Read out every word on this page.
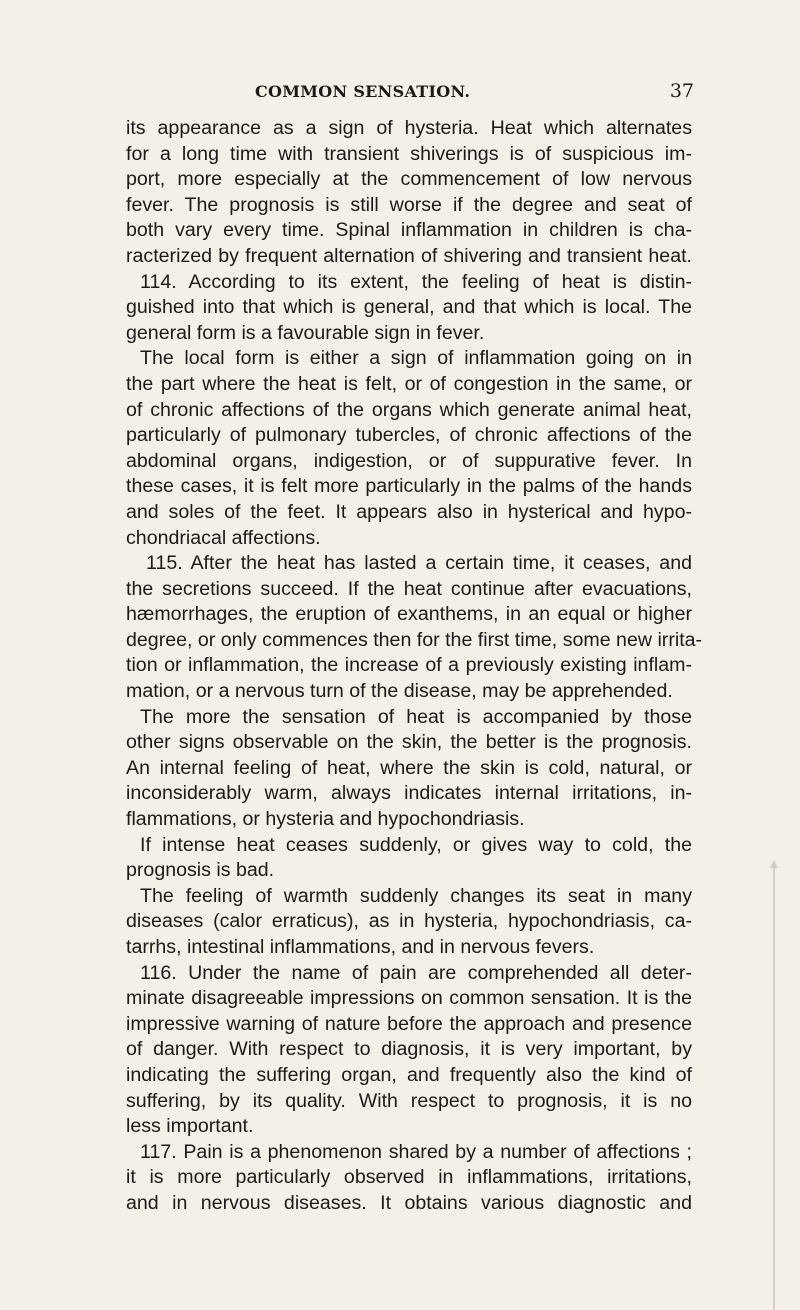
COMMON SENSATION.	37
its appearance as a sign of hysteria. Heat which alternates
for a long time with transient shiverings is of suspicious im-
port, more especially at the commencement of low nervous
fever. The prognosis is still worse if the degree and seat of
both vary every time. Spinal inflammation in children is cha-
racterized by frequent alternation of shivering and transient heat.
114. According to its extent, the feeling of heat is distin-
guished into that which is general, and that which is local. The
general form is a favourable sign in fever.
The local form is either a sign of inflammation going on in
the part where the heat is felt, or of congestion in the same, or
of chronic affections of the organs which generate animal heat,
particularly of pulmonary tubercles, of chronic affections of the
abdominal organs, indigestion, or of suppurative fever. In
these cases, it is felt more particularly in the palms of the hands
and soles of the feet. It appears also in hysterical and hypo-
chondriacal affections.
115. After the heat has lasted a certain time, it ceases, and
the secretions succeed. If the heat continue after evacuations,
hæmorrhages, the eruption of exanthems, in an equal or higher
degree, or only commences then for the first time, some new irrita-
tion or inflammation, the increase of a previously existing inflam-
mation, or a nervous turn of the disease, may be apprehended.
The more the sensation of heat is accompanied by those
other signs observable on the skin, the better is the prognosis.
An internal feeling of heat, where the skin is cold, natural, or
inconsiderably warm, always indicates internal irritations, in-
flammations, or hysteria and hypochondriasis.
If intense heat ceases suddenly, or gives way to cold, the
prognosis is bad.
The feeling of warmth suddenly changes its seat in many
diseases (calor erraticus), as in hysteria, hypochondriasis, ca-
tarrhs, intestinal inflammations, and in nervous fevers.
116. Under the name of pain are comprehended all deter-
minate disagreeable impressions on common sensation. It is the
impressive warning of nature before the approach and presence
of danger. With respect to diagnosis, it is very important, by
indicating the suffering organ, and frequently also the kind of
suffering, by its quality. With respect to prognosis, it is no
less important.
117. Pain is a phenomenon shared by a number of affections ;
it is more particularly observed in inflammations, irritations,
and in nervous diseases. It obtains various diagnostic and
